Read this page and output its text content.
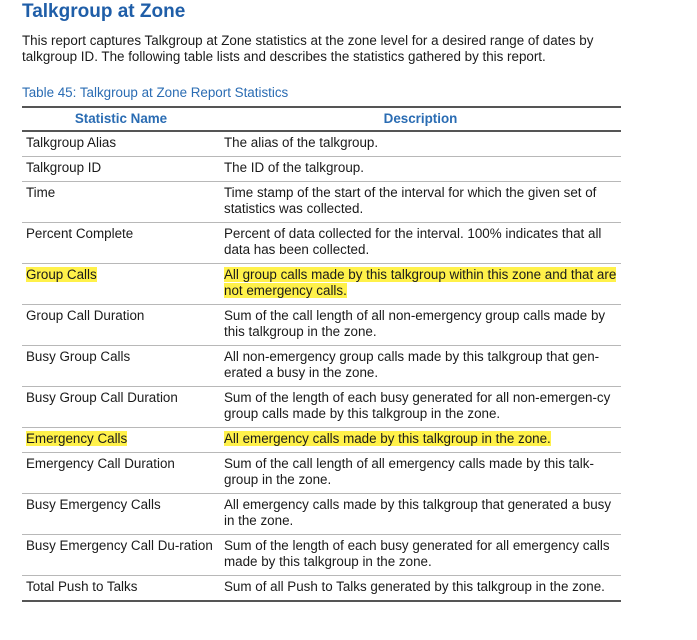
Talkgroup at Zone

This report captures Talkgroup at Zone statistics at the zone level for a desired range of dates by talkgroup ID. The following table lists and describes the statistics gathered by this report.

Table 45: Talkgroup at Zone Report Statistics
Statistic Name	Description
Talkgroup Alias	The alias of the talkgroup.
Talkgroup ID	The ID of the talkgroup.
Time	Time stamp of the start of the interval for which the given set of statistics was collected.
Percent Complete	Percent of data collected for the interval. 100% indicates that all data has been collected.
Group Calls	All group calls made by this talkgroup within this zone and that are not emergency calls.
Group Call Duration	Sum of the call length of all non-emergency group calls made by this talkgroup in the zone.
Busy Group Calls	All non-emergency group calls made by this talkgroup that gen-erated a busy in the zone.
Busy Group Call Duration	Sum of the length of each busy generated for all non-emergen-cy group calls made by this talkgroup in the zone.
Emergency Calls	All emergency calls made by this talkgroup in the zone.
Emergency Call Duration	Sum of the call length of all emergency calls made by this talk-group in the zone.
Busy Emergency Calls	All emergency calls made by this talkgroup that generated a busy in the zone.
Busy Emergency Call Du-ration	Sum of the length of each busy generated for all emergency calls made by this talkgroup in the zone.
Total Push to Talks	Sum of all Push to Talks generated by this talkgroup in the zone.
